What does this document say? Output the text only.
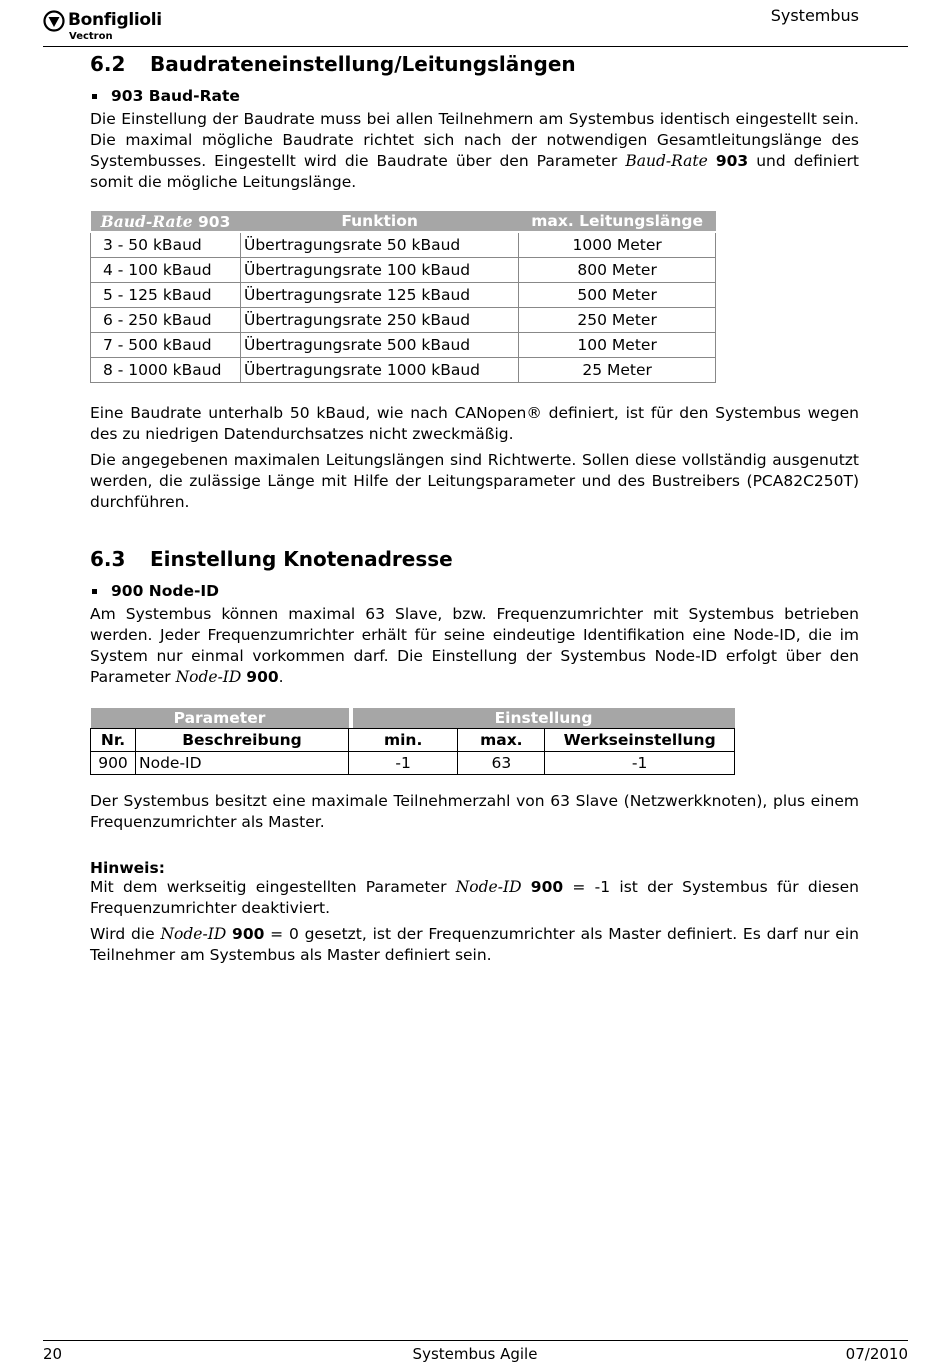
Bonfiglioli
Vectron
Systembus
6.2	Baudrateneinstellung/Leitungslängen
903 Baud-Rate

Die Einstellung der Baudrate muss bei allen Teilnehmern am Systembus identisch eingestellt sein. Die maximal mögliche Baudrate richtet sich nach der notwendigen Gesamtleitungslänge des Systembusses. Eingestellt wird die Baudrate über den Parameter Baud-Rate 903 und definiert somit die mögliche Leitungslänge.

Baud-Rate 903	Funktion	max. Leitungslänge
3 - 50 kBaud	Übertragungsrate 50 kBaud	1000 Meter
4 - 100 kBaud	Übertragungsrate 100 kBaud	800 Meter
5 - 125 kBaud	Übertragungsrate 125 kBaud	500 Meter
6 - 250 kBaud	Übertragungsrate 250 kBaud	250 Meter
7 - 500 kBaud	Übertragungsrate 500 kBaud	100 Meter
8 - 1000 kBaud	Übertragungsrate 1000 kBaud	25 Meter

Eine Baudrate unterhalb 50 kBaud, wie nach CANopen® definiert, ist für den Systembus wegen des zu niedrigen Datendurchsatzes nicht zweckmäßig.

Die angegebenen maximalen Leitungslängen sind Richtwerte. Sollen diese vollständig ausgenutzt werden, die zulässige Länge mit Hilfe der Leitungsparameter und des Bustreibers (PCA82C250T) durchführen.

6.3	Einstellung Knotenadresse
900 Node-ID

Am Systembus können maximal 63 Slave, bzw. Frequenzumrichter mit Systembus betrieben werden. Jeder Frequenzumrichter erhält für seine eindeutige Identifikation eine Node-ID, die im System nur einmal vorkommen darf. Die Einstellung der Systembus Node-ID erfolgt über den Parameter Node-ID 900.

Parameter			Einstellung		
Nr.	Beschreibung	min.		max.	Werkseinstellung
900	Node-ID	-1		63	-1

Der Systembus besitzt eine maximale Teilnehmerzahl von 63 Slave (Netzwerkknoten), plus einem Frequenzumrichter als Master.

Hinweis:

Mit dem werkseitig eingestellten Parameter Node-ID 900 = -1 ist der Systembus für diesen Frequenzumrichter deaktiviert.

Wird die Node-ID 900 = 0 gesetzt, ist der Frequenzumrichter als Master definiert. Es darf nur ein Teilnehmer am Systembus als Master definiert sein.

Systembus Agile
20	07/2010
